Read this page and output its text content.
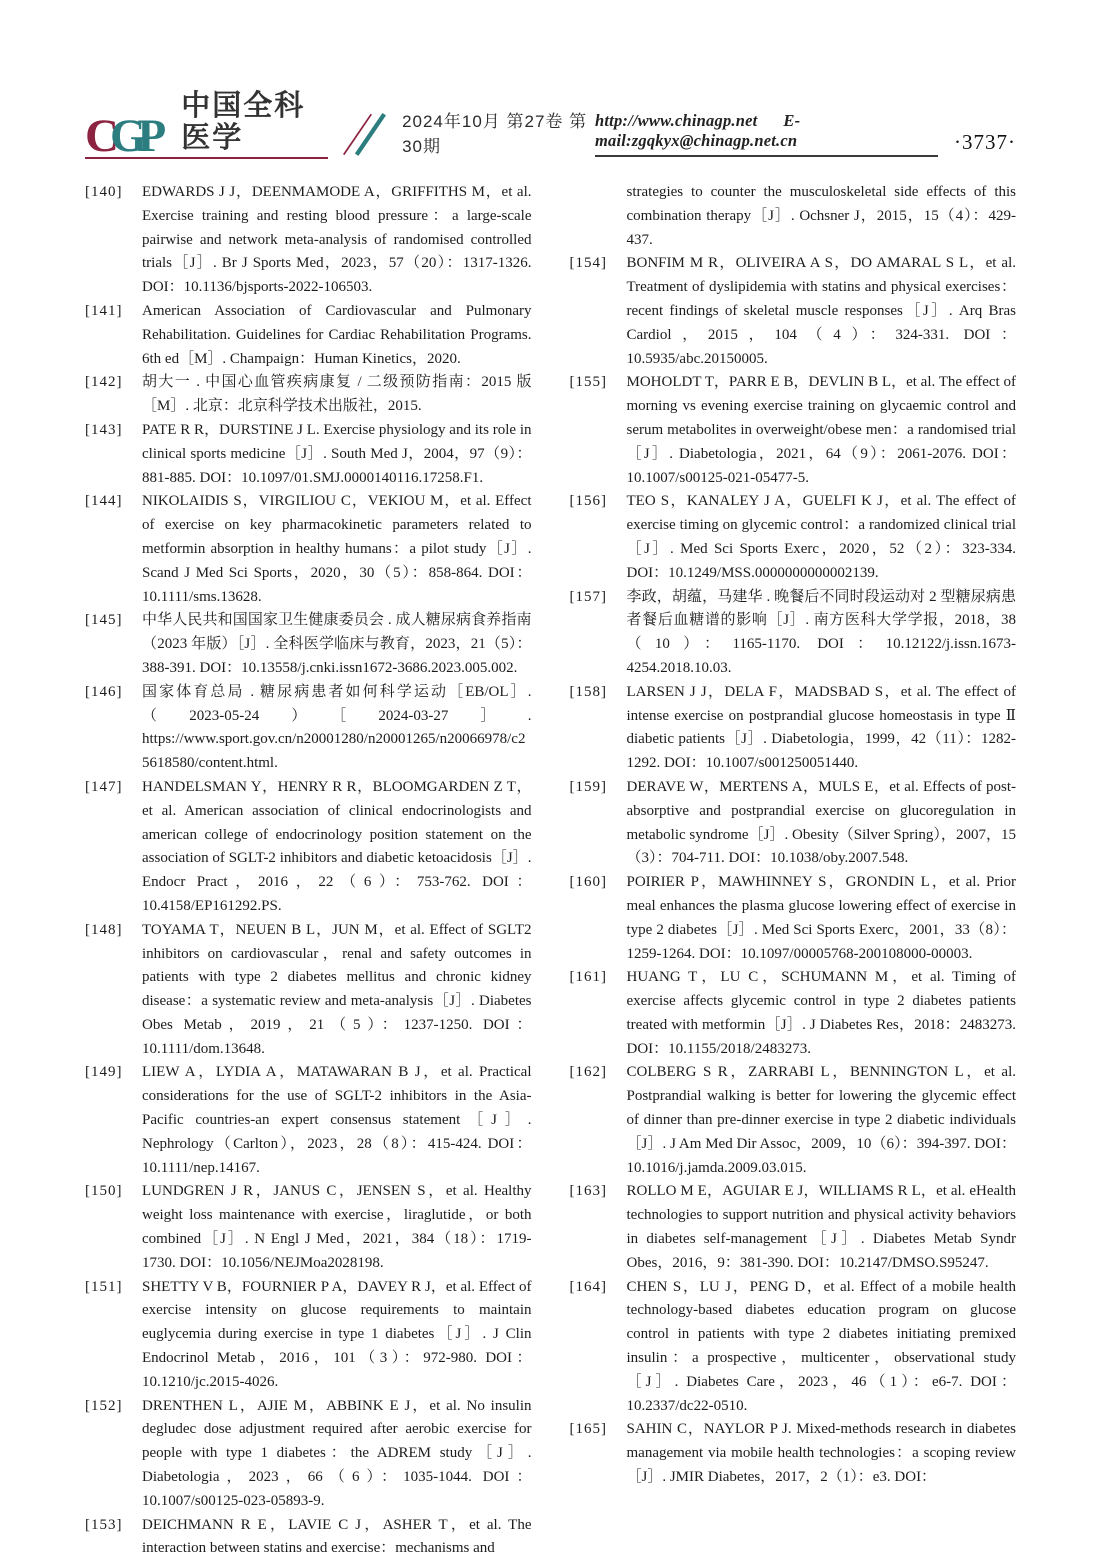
CGP
中国全科医学
2024年10月 第27卷 第30期
http://www.chinagp.net E-mail:zgqkyx@chinagp.net.cn	·3737·
[140]	EDWARDS J J，DEENMAMODE A，GRIFFITHS M，et al. Exercise training and resting blood pressure：a large-scale pairwise and network meta-analysis of randomised controlled trials［J］. Br J Sports Med，2023，57（20）：1317-1326. DOI：10.1136/bjsports-2022-106503.
[141]	American Association of Cardiovascular and Pulmonary Rehabilitation. Guidelines for Cardiac Rehabilitation Programs. 6th ed［M］. Champaign：Human Kinetics，2020.
[142]	胡大一 . 中国心血管疾病康复 / 二级预防指南：2015 版［M］. 北京：北京科学技术出版社，2015.
[143]	PATE R R，DURSTINE J L. Exercise physiology and its role in clinical sports medicine［J］. South Med J，2004，97（9）：881-885. DOI：10.1097/01.SMJ.0000140116.17258.F1.
[144]	NIKOLAIDIS S，VIRGILIOU C，VEKIOU M，et al. Effect of exercise on key pharmacokinetic parameters related to metformin absorption in healthy humans：a pilot study［J］. Scand J Med Sci Sports，2020，30（5）：858-864. DOI：10.1111/sms.13628.
[145]	中华人民共和国国家卫生健康委员会 . 成人糖尿病食养指南（2023 年版）［J］. 全科医学临床与教育，2023，21（5）：388-391. DOI：10.13558/j.cnki.issn1672-3686.2023.005.002.
[146]	国家体育总局 . 糖尿病患者如何科学运动［EB/OL］.（2023-05-24）［2024-03-27］. https://www.sport.gov.cn/n20001280/n20001265/n20066978/c25618580/content.html.
[147]	HANDELSMAN Y，HENRY R R，BLOOMGARDEN Z T，et al. American association of clinical endocrinologists and american college of endocrinology position statement on the association of SGLT-2 inhibitors and diabetic ketoacidosis［J］. Endocr Pract，2016，22（6）：753-762. DOI：10.4158/EP161292.PS.
[148]	TOYAMA T，NEUEN B L，JUN M，et al. Effect of SGLT2 inhibitors on cardiovascular，renal and safety outcomes in patients with type 2 diabetes mellitus and chronic kidney disease：a systematic review and meta-analysis［J］. Diabetes Obes Metab，2019，21（5）：1237-1250. DOI：10.1111/dom.13648.
[149]	LIEW A，LYDIA A，MATAWARAN B J，et al. Practical considerations for the use of SGLT-2 inhibitors in the Asia-Pacific countries-an expert consensus statement［J］. Nephrology（Carlton），2023，28（8）：415-424. DOI：10.1111/nep.14167.
[150]	LUNDGREN J R，JANUS C，JENSEN S，et al. Healthy weight loss maintenance with exercise，liraglutide，or both combined［J］. N Engl J Med，2021，384（18）：1719-1730. DOI：10.1056/NEJMoa2028198.
[151]	SHETTY V B，FOURNIER P A，DAVEY R J，et al. Effect of exercise intensity on glucose requirements to maintain euglycemia during exercise in type 1 diabetes［J］. J Clin Endocrinol Metab，2016，101（3）：972-980. DOI：10.1210/jc.2015-4026.
[152]	DRENTHEN L，AJIE M，ABBINK E J，et al. No insulin degludec dose adjustment required after aerobic exercise for people with type 1 diabetes：the ADREM study［J］. Diabetologia，2023，66（6）：1035-1044. DOI：10.1007/s00125-023-05893-9.
[153]	DEICHMANN R E，LAVIE C J，ASHER T，et al. The interaction between statins and exercise：mechanisms and
strategies to counter the musculoskeletal side effects of this combination therapy［J］. Ochsner J，2015，15（4）：429-437.
[154]	BONFIM M R，OLIVEIRA A S，DO AMARAL S L，et al. Treatment of dyslipidemia with statins and physical exercises：recent findings of skeletal muscle responses［J］. Arq Bras Cardiol，2015，104（4）：324-331. DOI：10.5935/abc.20150005.
[155]	MOHOLDT T，PARR E B，DEVLIN B L，et al. The effect of morning vs evening exercise training on glycaemic control and serum metabolites in overweight/obese men：a randomised trial［J］. Diabetologia，2021，64（9）：2061-2076. DOI：10.1007/s00125-021-05477-5.
[156]	TEO S，KANALEY J A，GUELFI K J，et al. The effect of exercise timing on glycemic control：a randomized clinical trial［J］. Med Sci Sports Exerc，2020，52（2）：323-334. DOI：10.1249/MSS.0000000000002139.
[157]	李政，胡蕴，马建华 . 晚餐后不同时段运动对 2 型糖尿病患者餐后血糖谱的影响［J］. 南方医科大学学报，2018，38（10）：1165-1170. DOI：10.12122/j.issn.1673-4254.2018.10.03.
[158]	LARSEN J J，DELA F，MADSBAD S，et al. The effect of intense exercise on postprandial glucose homeostasis in type Ⅱ diabetic patients［J］. Diabetologia，1999，42（11）：1282-1292. DOI：10.1007/s001250051440.
[159]	DERAVE W，MERTENS A，MULS E，et al. Effects of post-absorptive and postprandial exercise on glucoregulation in metabolic syndrome［J］. Obesity（Silver Spring），2007，15（3）：704-711. DOI：10.1038/oby.2007.548.
[160]	POIRIER P，MAWHINNEY S，GRONDIN L，et al. Prior meal enhances the plasma glucose lowering effect of exercise in type 2 diabetes［J］. Med Sci Sports Exerc，2001，33（8）：1259-1264. DOI：10.1097/00005768-200108000-00003.
[161]	HUANG T，LU C，SCHUMANN M，et al. Timing of exercise affects glycemic control in type 2 diabetes patients treated with metformin［J］. J Diabetes Res，2018：2483273. DOI：10.1155/2018/2483273.
[162]	COLBERG S R，ZARRABI L，BENNINGTON L，et al. Postprandial walking is better for lowering the glycemic effect of dinner than pre-dinner exercise in type 2 diabetic individuals［J］. J Am Med Dir Assoc，2009，10（6）：394-397. DOI：10.1016/j.jamda.2009.03.015.
[163]	ROLLO M E，AGUIAR E J，WILLIAMS R L，et al. eHealth technologies to support nutrition and physical activity behaviors in diabetes self-management［J］. Diabetes Metab Syndr Obes，2016，9：381-390. DOI：10.2147/DMSO.S95247.
[164]	CHEN S，LU J，PENG D，et al. Effect of a mobile health technology-based diabetes education program on glucose control in patients with type 2 diabetes initiating premixed insulin：a prospective，multicenter，observational study［J］. Diabetes Care，2023，46（1）：e6-7. DOI：10.2337/dc22-0510.
[165]	SAHIN C，NAYLOR P J. Mixed-methods research in diabetes management via mobile health technologies：a scoping review［J］. JMIR Diabetes，2017，2（1）：e3. DOI：
